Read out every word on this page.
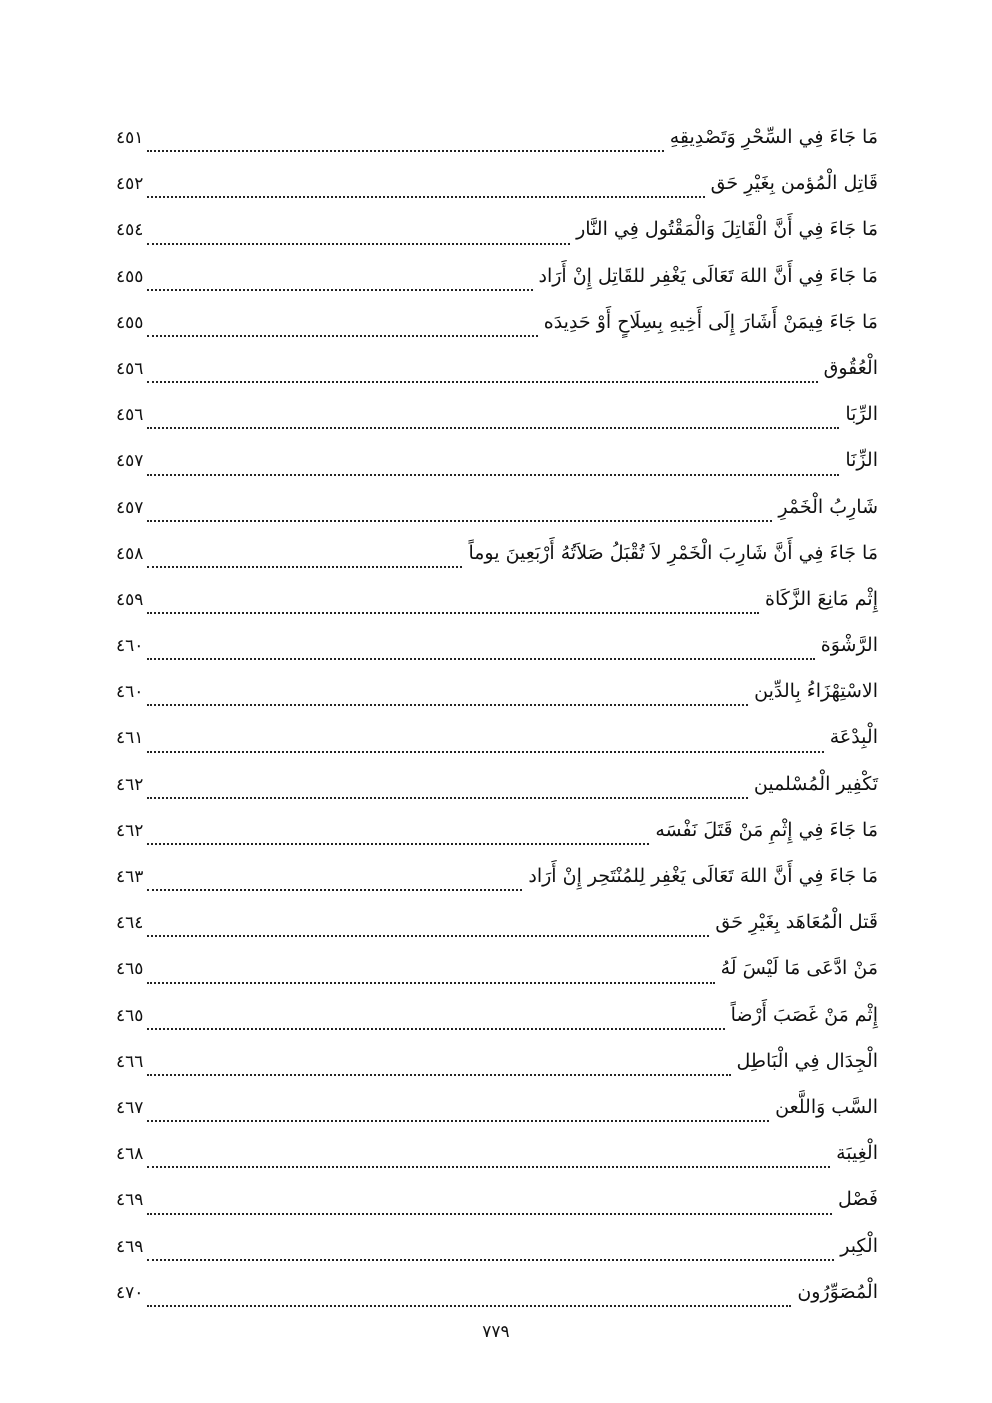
مَا جَاءَ فِي السِّحْرِ وَتَصْدِيقِهِ
٤٥١
قَاتِل الْمُؤمن بِغَيْرِ حَق
٤٥٢
مَا جَاءَ فِي أَنَّ الْقَاتِلَ وَالْمَقْتُول فِي النَّار
٤٥٤
مَا جَاءَ فِي أَنَّ اللهَ تَعَالَى يَغْفِر للقَاتِل إِنْ أَرَاد
٤٥٥
مَا جَاءَ فِيمَنْ أَشَارَ إِلَى أَخِيهِ بِسِلَاحٍ أَوْ حَدِيدَه
٤٥٥
الْعُقُوق
٤٥٦
الرِّبَا
٤٥٦
الزِّنَا
٤٥٧
شَارِبُ الْخَمْرِ
٤٥٧
مَا جَاءَ فِي أَنَّ شَارِبَ الْخَمْرِ لاَ تُقْبَلُ صَلاَتُهُ أَرْبَعِينَ يوماً
٤٥٨
إِثْم مَانِعَ الزَّكَاة
٤٥٩
الرَّشْوَة
٤٦٠
الاسْتِهْزَاءُ بِالدِّين
٤٦٠
الْبِدْعَة
٤٦١
تَكْفِير الْمُسْلمين
٤٦٢
مَا جَاءَ فِي إِثْمِ مَنْ قَتَلَ نَفْسَه
٤٦٢
مَا جَاءَ فِي أَنَّ اللهَ تَعَالَى يَغْفِر لِلمُنْتَحِر إِنْ أَرَاد
٤٦٣
قَتل الْمُعَاهَد بِغَيْرِ حَق
٤٦٤
مَنْ ادَّعَى مَا لَيْسَ لَهُ
٤٦٥
إِثْم مَنْ غَصَبَ أَرْضاً
٤٦٥
الْجِدَال فِي الْبَاطِل
٤٦٦
السَّب وَاللَّعن
٤٦٧
الْغِيبَة
٤٦٨
فَصْل
٤٦٩
الْكِبر
٤٦٩
الْمُصَوِّرُون
٤٧٠
٧٧٩
